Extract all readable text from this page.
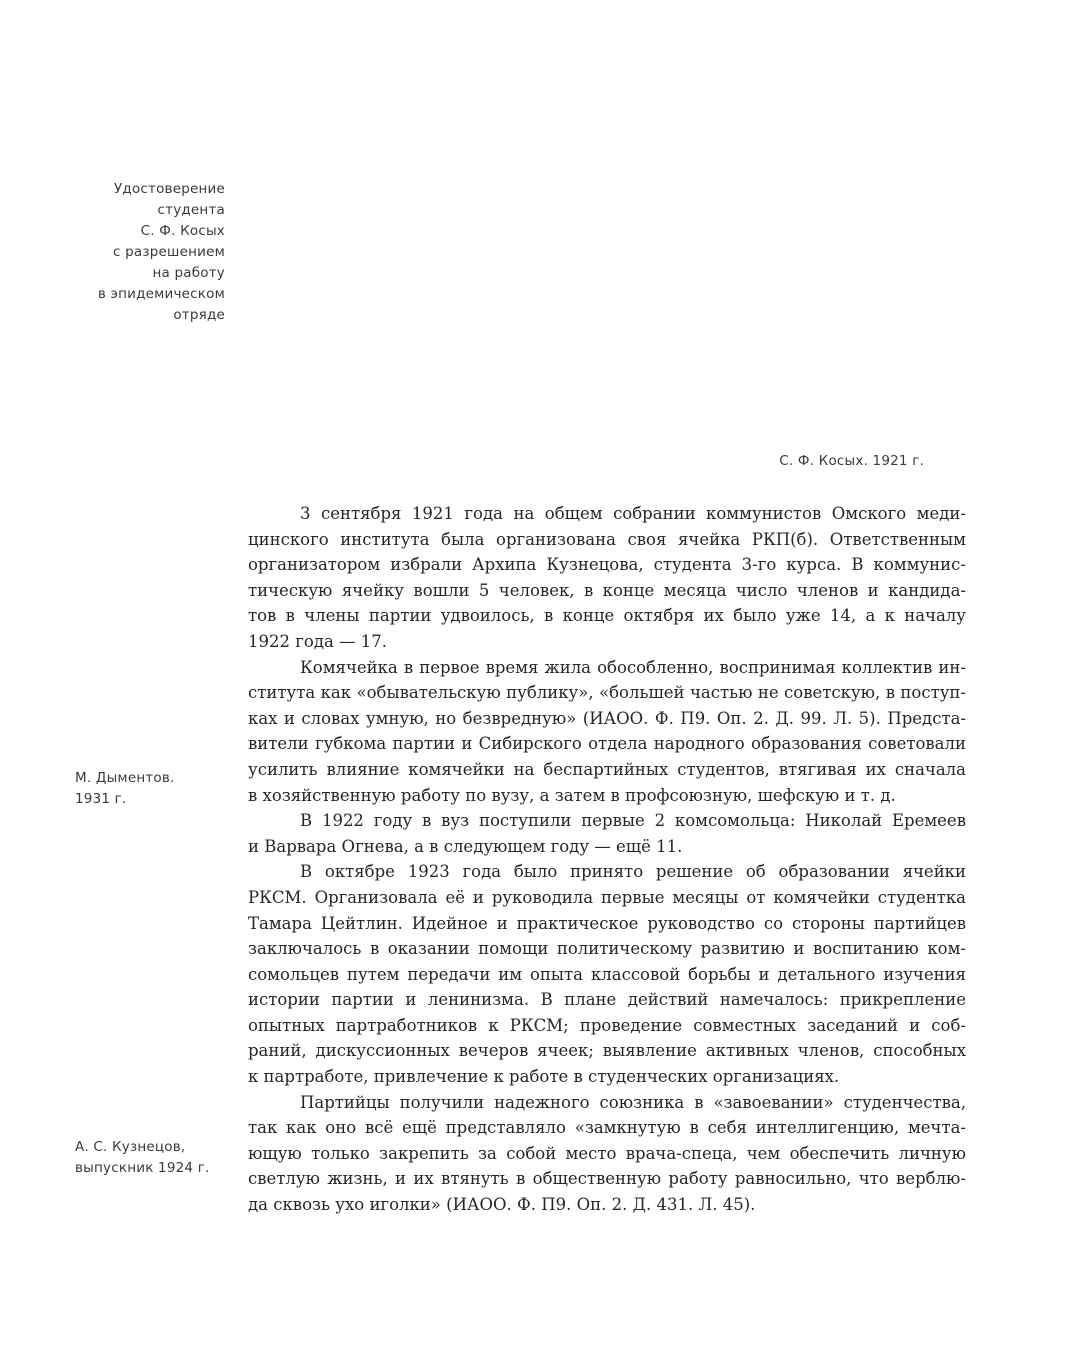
Удостоверение
студента
С. Ф. Косых
с разрешением
на работу
в эпидемическом
отряде
С. Ф. Косых. 1921 г.
М. Дыментов.
1931 г.
А. С. Кузнецов,
выпускник 1924 г.
3 сентября 1921 года на общем собрании коммунистов Омского меди-
цинского института была организована своя ячейка РКП(б). Ответственным
организатором избрали Архипа Кузнецова, студента 3-го курса. В коммунис-
тическую ячейку вошли 5 человек, в конце месяца число членов и кандида-
тов в члены партии удвоилось, в конце октября их было уже 14, а к началу
1922 года — 17.
Комячейка в первое время жила обособленно, воспринимая коллектив ин-
ститута как «обывательскую публику», «большей частью не советскую, в поступ-
ках и словах умную, но безвредную» (ИАОО. Ф. П9. Оп. 2. Д. 99. Л. 5). Предста-
вители губкома партии и Сибирского отдела народного образования советовали
усилить влияние комячейки на беспартийных студентов, втягивая их сначала
в хозяйственную работу по вузу, а затем в профсоюзную, шефскую и т. д.
В 1922 году в вуз поступили первые 2 комсомольца: Николай Еремеев
и Варвара Огнева, а в следующем году — ещё 11.
В октябре 1923 года было принято решение об образовании ячейки
РКСМ. Организовала её и руководила первые месяцы от комячейки студентка
Тамара Цейтлин. Идейное и практическое руководство со стороны партийцев
заключалось в оказании помощи политическому развитию и воспитанию ком-
сомольцев путем передачи им опыта классовой борьбы и детального изучения
истории партии и ленинизма. В плане действий намечалось: прикрепление
опытных партработников к РКСМ; проведение совместных заседаний и соб-
раний, дискуссионных вечеров ячеек; выявление активных членов, способных
к партработе, привлечение к работе в студенческих организациях.
Партийцы получили надежного союзника в «завоевании» студенчества,
так как оно всё ещё представляло «замкнутую в себя интеллигенцию, мечта-
ющую только закрепить за собой место врача-спеца, чем обеспечить личную
светлую жизнь, и их втянуть в общественную работу равносильно, что верблю-
да сквозь ухо иголки» (ИАОО. Ф. П9. Оп. 2. Д. 431. Л. 45).
